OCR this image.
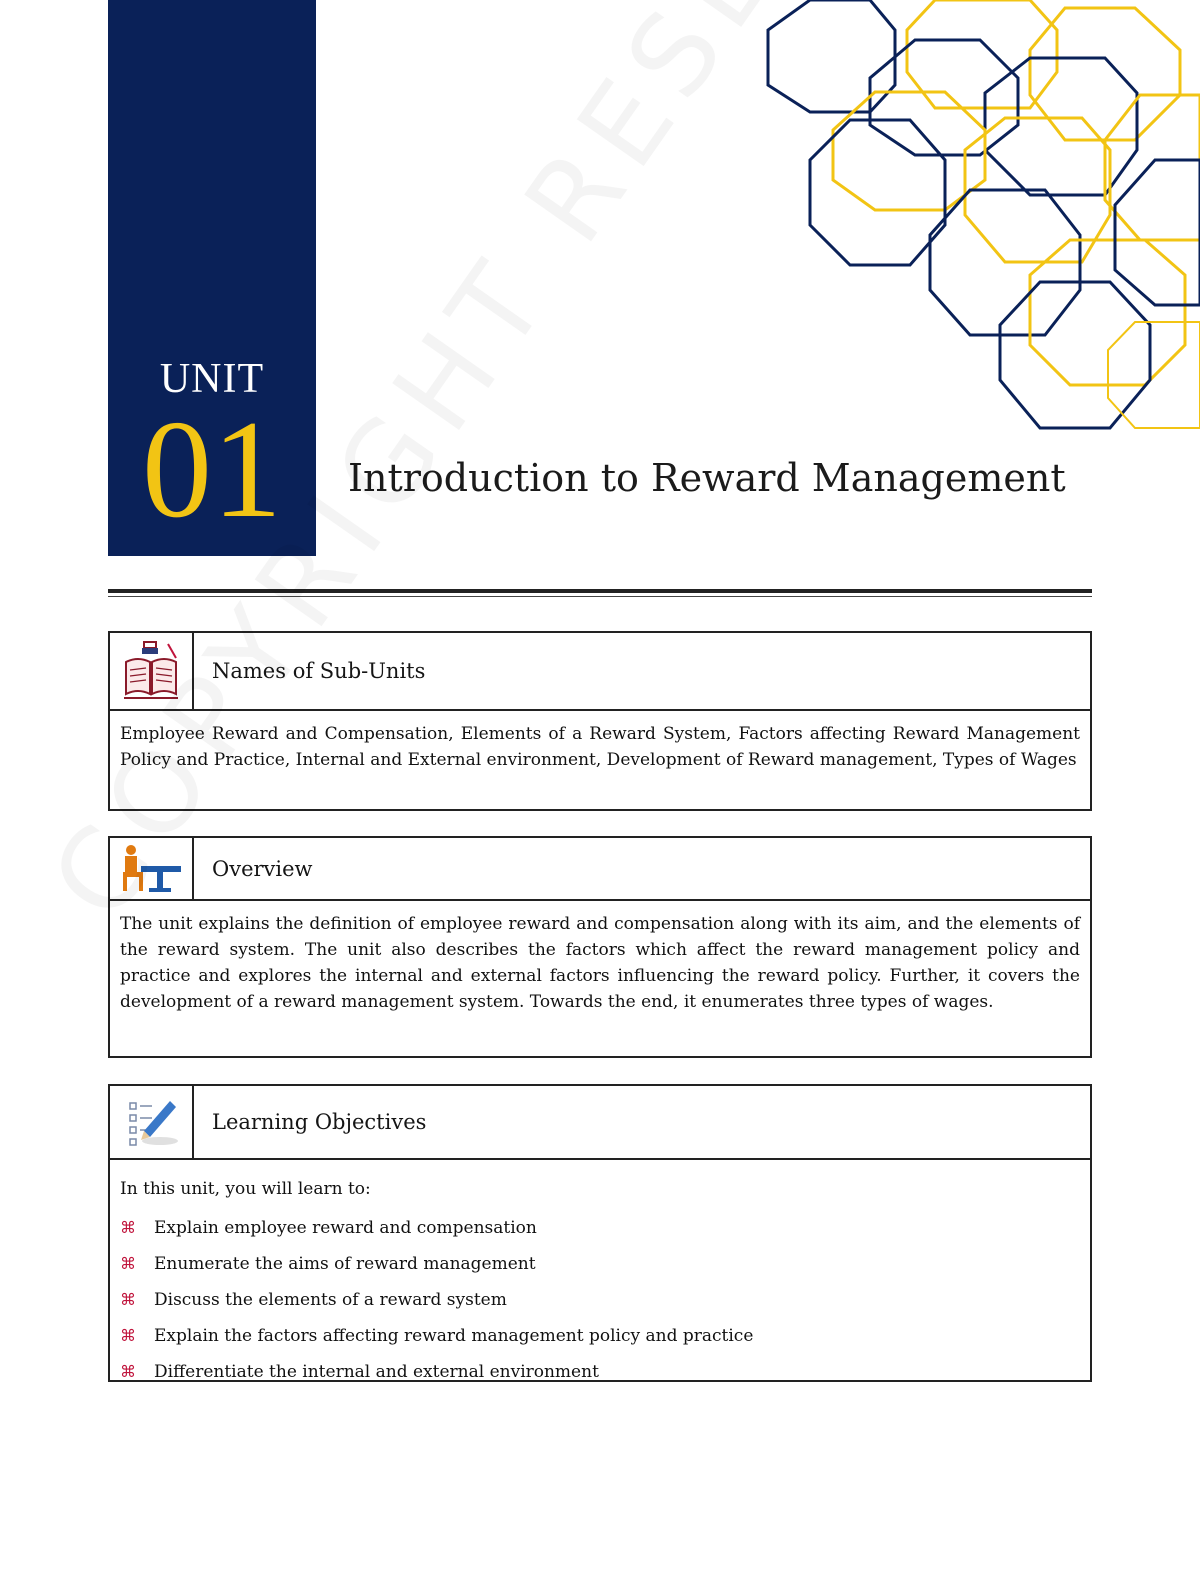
UNIT
01	Introduction to Reward Management
Names of Sub-Units
Employee Reward and Compensation, Elements of a Reward System, Factors affecting Reward Management Policy and Practice, Internal and External environment, Development of Reward management, Types of Wages
Overview
The unit explains the definition of employee reward and compensation along with its aim, and the elements of the reward system. The unit also describes the factors which affect the reward management policy and practice and explores the internal and external factors influencing the reward policy. Further, it covers the development of a reward management system. Towards the end, it enumerates three types of wages.
Learning Objectives
In this unit, you will learn to:
⌘	Explain employee reward and compensation
⌘	Enumerate the aims of reward management
⌘	Discuss the elements of a reward system
⌘	Explain the factors affecting reward management policy and practice
⌘	Differentiate the internal and external environment
